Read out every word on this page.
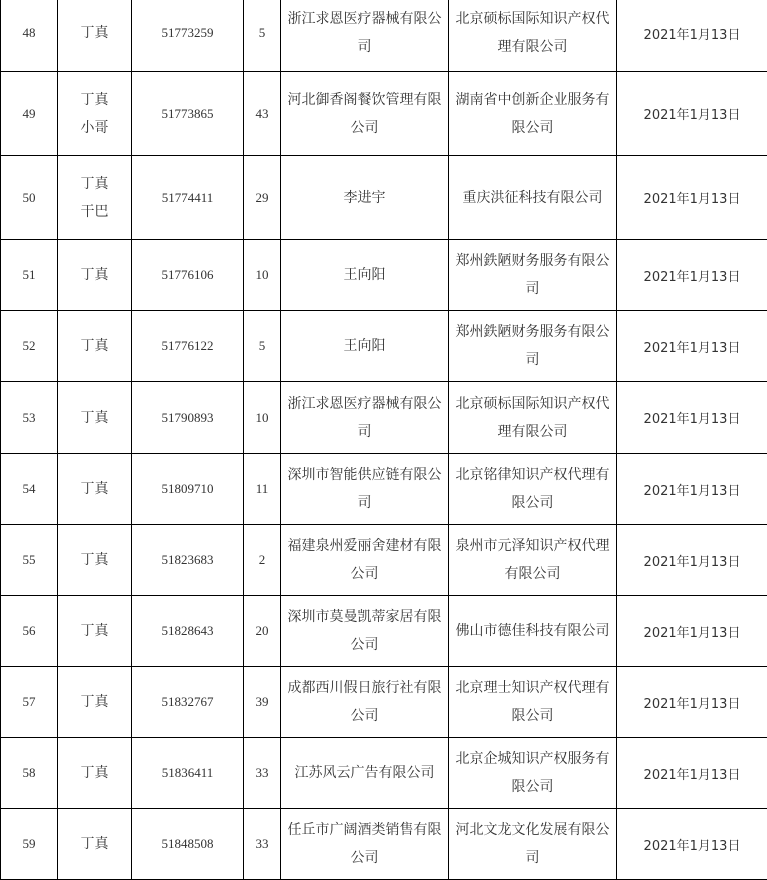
48	丁真	51773259	5	浙江求恩医疗器械有限公
司	北京硕标国际知识产权代
理有限公司	2021年1月13日
49	丁真
小哥	51773865	43	河北御香阁餐饮管理有限
公司	湖南省中创新企业服务有
限公司	2021年1月13日
50	丁真
干巴	51774411	29	李进宇	重庆洪征科技有限公司	2021年1月13日
51	丁真	51776106	10	王向阳	郑州鉄陋财务服务有限公
司	2021年1月13日
52	丁真	51776122	5	王向阳	郑州鉄陋财务服务有限公
司	2021年1月13日
53	丁真	51790893	10	浙江求恩医疗器械有限公
司	北京硕标国际知识产权代
理有限公司	2021年1月13日
54	丁真	51809710	11	深圳市智能供应链有限公
司	北京铭律知识产权代理有
限公司	2021年1月13日
55	丁真	51823683	2	福建泉州爱丽舍建材有限
公司	泉州市元泽知识产权代理
有限公司	2021年1月13日
56	丁真	51828643	20	深圳市莫曼凯蒂家居有限
公司	佛山市德佳科技有限公司	2021年1月13日
57	丁真	51832767	39	成都西川假日旅行社有限
公司	北京理士知识产权代理有
限公司	2021年1月13日
58	丁真	51836411	33	江苏风云广告有限公司	北京企城知识产权服务有
限公司	2021年1月13日
59	丁真	51848508	33	任丘市广阔酒类销售有限
公司	河北文龙文化发展有限公
司	2021年1月13日
